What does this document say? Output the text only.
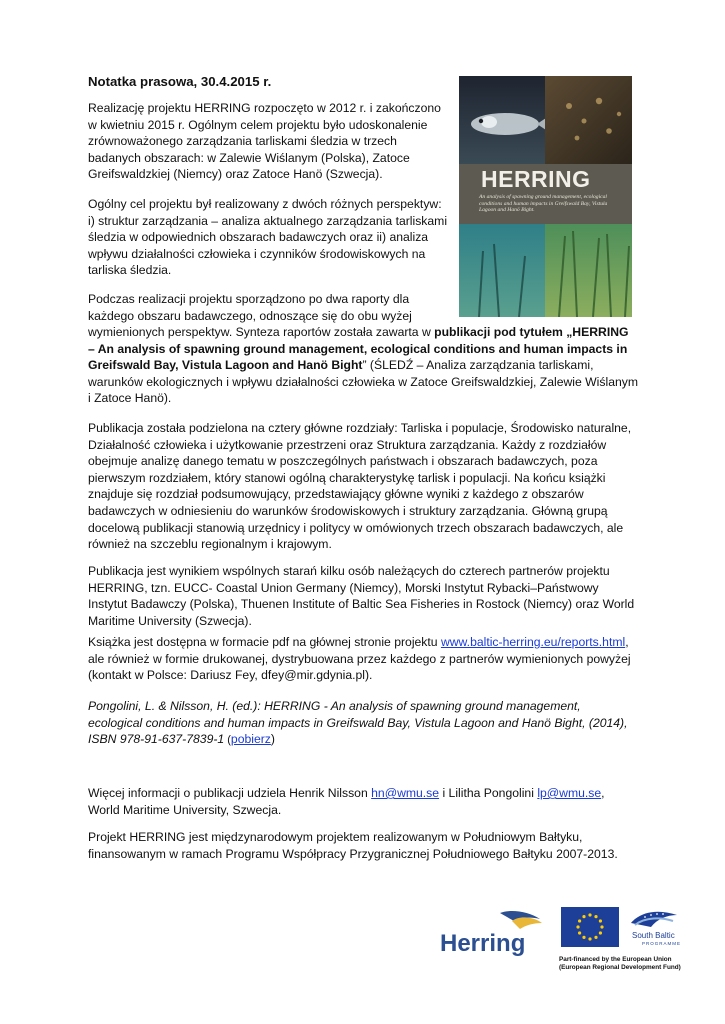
Notatka prasowa, 30.4.2015 r.

Realizację projektu HERRING rozpoczęto w 2012 r. i zakończono w kwietniu 2015 r. Ogólnym celem projektu było udoskonalenie zrównoważonego zarządzania tarliskami śledzia w trzech badanych obszarach: w Zalewie Wiślanym (Polska), Zatoce Greifswaldzkiej (Niemcy) oraz Zatoce Hanö (Szwecja).

Ogólny cel projektu był realizowany z dwóch różnych perspektyw: i) struktur zarządzania – analiza aktualnego zarządzania tarliskami śledzia w odpowiednich obszarach badawczych oraz ii) analiza wpływu działalności człowieka i czynników środowiskowych na tarliska śledzia.

Podczas realizacji projektu sporządzono po dwa raporty dla każdego obszaru badawczego, odnoszące się do obu wyżej

wymienionych perspektyw. Synteza raportów została zawarta w publikacji pod tytułem „HERRING – An analysis of spawning ground management, ecological conditions and human impacts in Greifswald Bay, Vistula Lagoon and Hanö Bight” (ŚLEDŹ – Analiza zarządzania tarliskami, warunków ekologicznych i wpływu działalności człowieka w Zatoce Greifswaldzkiej, Zalewie Wiślanym i Zatoce Hanö).

Publikacja została podzielona na cztery główne rozdziały: Tarliska i populacje, Środowisko naturalne, Działalność człowieka i użytkowanie przestrzeni oraz Struktura zarządzania. Każdy z rozdziałów obejmuje analizę danego tematu w poszczególnych państwach i obszarach badawczych, poza pierwszym rozdziałem, który stanowi ogólną charakterystykę tarlisk i populacji. Na końcu książki znajduje się rozdział podsumowujący, przedstawiający główne wyniki z każdego z obszarów badawczych w odniesieniu do warunków środowiskowych i struktury zarządzania. Główną grupą docelową publikacji stanowią urzędnicy i politycy w omówionych trzech obszarach badawczych, ale również na szczeblu regionalnym i krajowym.

Publikacja jest wynikiem wspólnych starań kilku osób należących do czterech partnerów projektu HERRING, tzn. EUCC- Coastal Union Germany (Niemcy), Morski Instytut Rybacki–Państwowy Instytut Badawczy (Polska), Thuenen Institute of Baltic Sea Fisheries in Rostock (Niemcy) oraz World Maritime University (Szwecja).

Książka jest dostępna w formacie pdf na głównej stronie projektu www.baltic-herring.eu/reports.html, ale również w formie drukowanej, dystrybuowana przez każdego z partnerów wymienionych powyżej (kontakt w Polsce: Dariusz Fey, dfey@mir.gdynia.pl).

Pongolini, L. & Nilsson, H. (ed.): HERRING - An analysis of spawning ground management, ecological conditions and human impacts in Greifswald Bay, Vistula Lagoon and Hanö Bight, (2014), ISBN 978-91-637-7839-1 (pobierz)

Więcej informacji o publikacji udziela Henrik Nilsson hn@wmu.se i Lilitha Pongolini lp@wmu.se, World Maritime University, Szwecja.

Projekt HERRING jest międzynarodowym projektem realizowanym w Południowym Bałtyku, finansowanym w ramach Programu Współpracy Przygranicznej Południowego Bałtyku 2007-2013.

HERRING
An analysis of spawning ground management, ecological conditions and human impacts in Greifswald Bay, Vistula Lagoon and Hanö Bight.
Herring	South Baltic
PROGRAMME
Part-financed by the European Union
(European Regional Development Fund)
